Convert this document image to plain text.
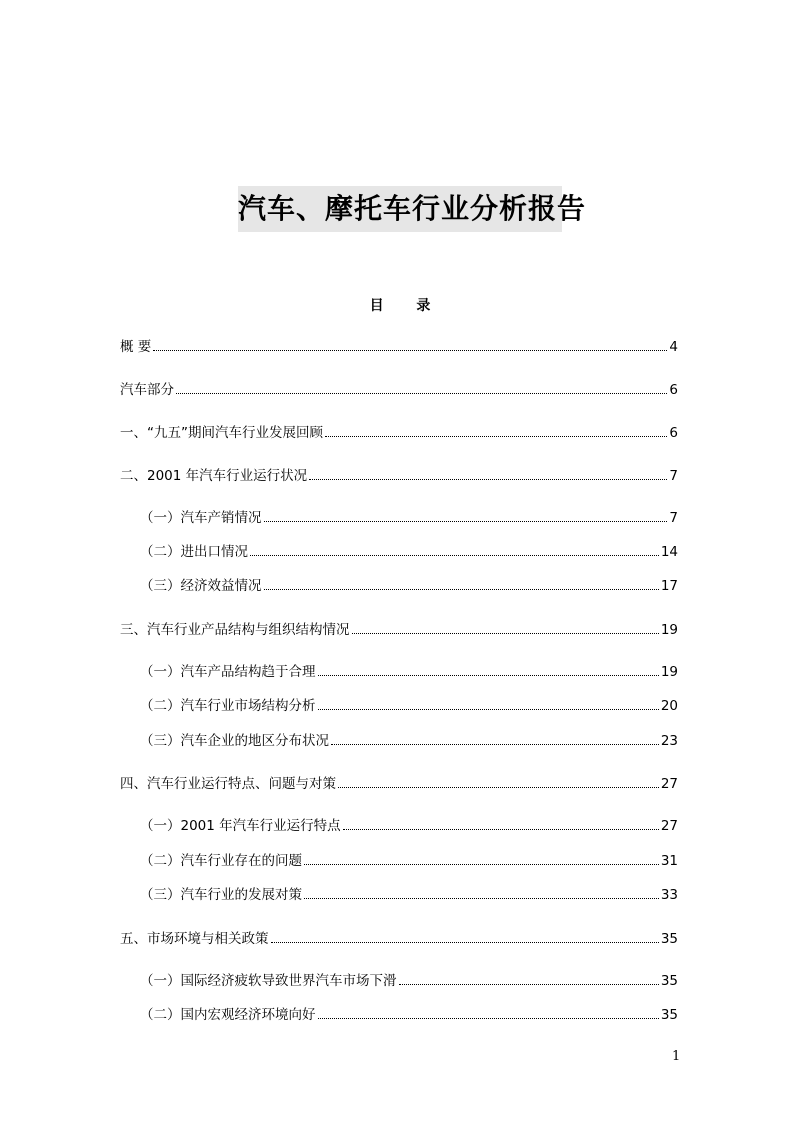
汽车、摩托车行业分析报告
目 录
概 要	4
汽车部分	6
一、“九五”期间汽车行业发展回顾	6
二、2001 年汽车行业运行状况	7
（一）汽车产销情况	7
（二）进出口情况	14
（三）经济效益情况	17
三、汽车行业产品结构与组织结构情况	19
（一）汽车产品结构趋于合理	19
（二）汽车行业市场结构分析	20
（三）汽车企业的地区分布状况	23
四、汽车行业运行特点、问题与对策	27
（一）2001 年汽车行业运行特点	27
（二）汽车行业存在的问题	31
（三）汽车行业的发展对策	33
五、市场环境与相关政策	35
（一）国际经济疲软导致世界汽车市场下滑	35
（二）国内宏观经济环境向好	35
1
